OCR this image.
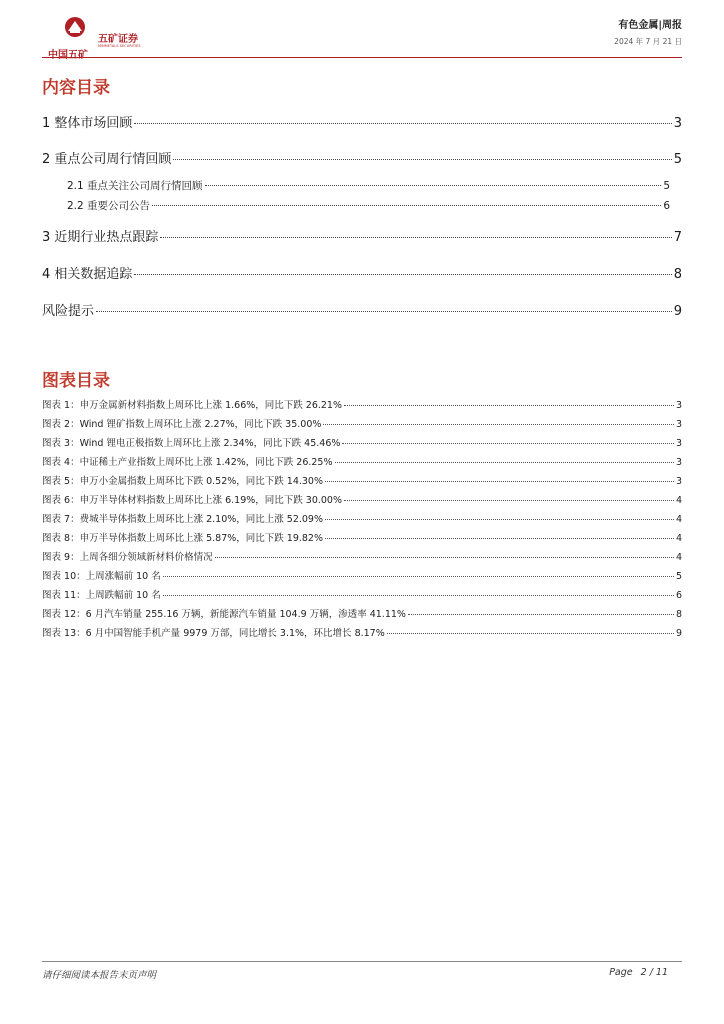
中国五矿
五矿证券
MINMETALS SECURITIES
有色金属|周报
2024 年 7 月 21 日
内容目录
1 整体市场回顾	3
2 重点公司周行情回顾	5
2.1 重点关注公司周行情回顾	5
2.2 重要公司公告	6
3 近期行业热点跟踪	7
4 相关数据追踪	8
风险提示	9
图表目录
图表 1：申万金属新材料指数上周环比上涨 1.66%，同比下跌 26.21%	3
图表 2：Wind 锂矿指数上周环比上涨 2.27%，同比下跌 35.00%	3
图表 3：Wind 锂电正极指数上周环比上涨 2.34%，同比下跌 45.46%	3
图表 4：中证稀土产业指数上周环比上涨 1.42%，同比下跌 26.25%	3
图表 5：申万小金属指数上周环比下跌 0.52%，同比下跌 14.30%	3
图表 6：申万半导体材料指数上周环比上涨 6.19%，同比下跌 30.00%	4
图表 7：费城半导体指数上周环比上涨 2.10%，同比上涨 52.09%	4
图表 8：申万半导体指数上周环比上涨 5.87%，同比下跌 19.82%	4
图表 9：上周各细分领域新材料价格情况	4
图表 10：上周涨幅前 10 名	5
图表 11：上周跌幅前 10 名	6
图表 12：6 月汽车销量 255.16 万辆，新能源汽车销量 104.9 万辆，渗透率 41.11%	8
图表 13：6 月中国智能手机产量 9979 万部，同比增长 3.1%，环比增长 8.17%	9
请仔细阅读本报告末页声明	Page 2 / 11
